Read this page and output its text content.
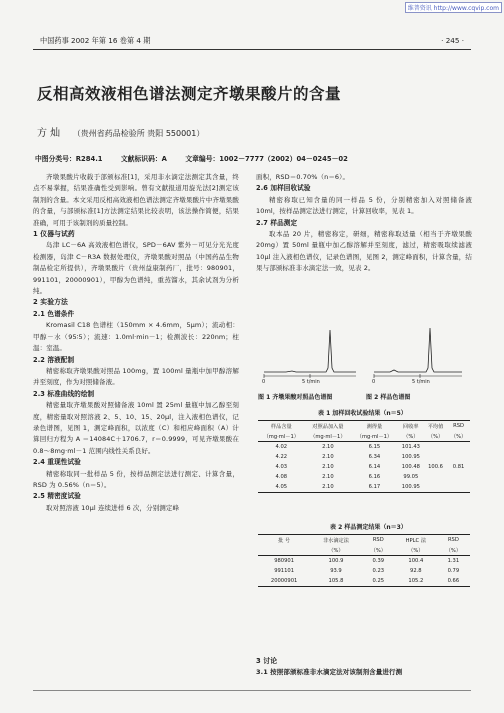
维普资讯 http://www.cqvip.com
中国药事 2002 年第 16 卷第 4 期	· 245 ·
反相高效液相色谱法测定齐墩果酸片的含量
方 灿 （贵州省药品检验所 贵阳 550001）
中图分类号：R284.1	文献标识码：A	文章编号：1002－7777（2002）04－0245－02

齐墩果酸片收载于部颁标准[1]，采用非水滴定法测定其含量，终点不易掌握，结果准确性受到影响。曾有文献报道用旋光法[2]测定该制剂的含量。本文采用反相高效液相色谱法测定齐墩果酸片中齐墩果酸的含量，与部颁标准[1]方法测定结果比较表明，该法操作简便，结果准确，可用于该制剂的质量控制。

1 仪器与试药

岛津 LC－6A 高效液相色谱仪，SPD－6AV 紫外－可见分光光度检测器，岛津 C－R3A 数据处理仪，齐墩果酸对照品（中国药品生物制品检定所提供），齐墩果酸片（贵州益康制药厂，批号：980901，991101，20000901），甲醇为色谱纯，重蒸馏水，其余试剂为分析纯。

2 实验方法
2.1 色谱条件

Kromasil C18 色谱柱（150mm × 4.6mm，5μm）；流动相：甲醇－水（95∶5）；流速：1.0ml·min－1；检测波长：220nm；柱温：室温。

2.2 溶液配制

精密称取齐墩果酸对照品 100mg，置 100ml 量瓶中加甲醇溶解并至刻度，作为对照储备液。

2.3 标准曲线的绘制

精密量取齐墩果酸对照储备液 10ml 置 25ml 量瓶中加乙醇至刻度，精密量取对照溶液 2、5、10、15、20μl，注入液相色谱仪，记录色谱图，见图 1，测定峰面积，以浓度（C）和相应峰面积（A）计算回归方程为 A ＝14084C＋1706.7，r＝0.9999，可见齐墩果酸在 0.8～8mg·ml－1 范围内线性关系良好。

2.4 重现性试验

精密称取同一批样品 5 份，按样品测定法进行测定、计算含量，RSD 为 0.56%（n＝5）。

2.5 精密度试验

取对照溶液 10μl 连续进样 6 次，分别测定峰

面积，RSD＝0.70%（n＝6）。

2.6 加样回收试验

精密称取已知含量的同一样品 5 份，分别精密加入对照储备液 10ml，按样品测定法进行测定，计算回收率，见表 1。

2.7 样品测定

取本品 20 片，精密称定，研细，精密称取适量（相当于齐墩果酸 20mg）置 50ml 量瓶中加乙醇溶解并至刻度，滤过，精密吸取续滤液 10μl 注入液相色谱仪，记录色谱图，见图 2，测定峰面积，计算含量，结果与部颁标准非水滴定法一致，见表 2。

0	5 t/min	0	5 t/min
图 1 齐墩果酸对照品色谱图	图 2 样品色谱图
表 1 加样回收试验结果（n＝5）
样品含量	对照品加入量	测得量	回收率	平均值	RSD
（mg·ml－1）	（mg·ml－1）	（mg·ml－1）	（%）	（%）	（%）
4.02	2.10	6.15	101.43		
4.22	2.10	6.34	100.95		
4.03	2.10	6.14	100.48	100.6	0.81
4.08	2.10	6.16	99.05		
4.05	2.10	6.17	100.95		
表 2 样品测定结果（n＝3）
批 号	非水滴定法	RSD	HPLC 法	RSD
	（%）	（%）	（%）	（%）
980901	100.9	0.39	100.4	1.31
991101	93.9	0.23	92.8	0.79
20000901	105.8	0.25	105.2	0.66
3 讨论

3.1 按照部颁标准非水滴定法对该制剂含量进行测
